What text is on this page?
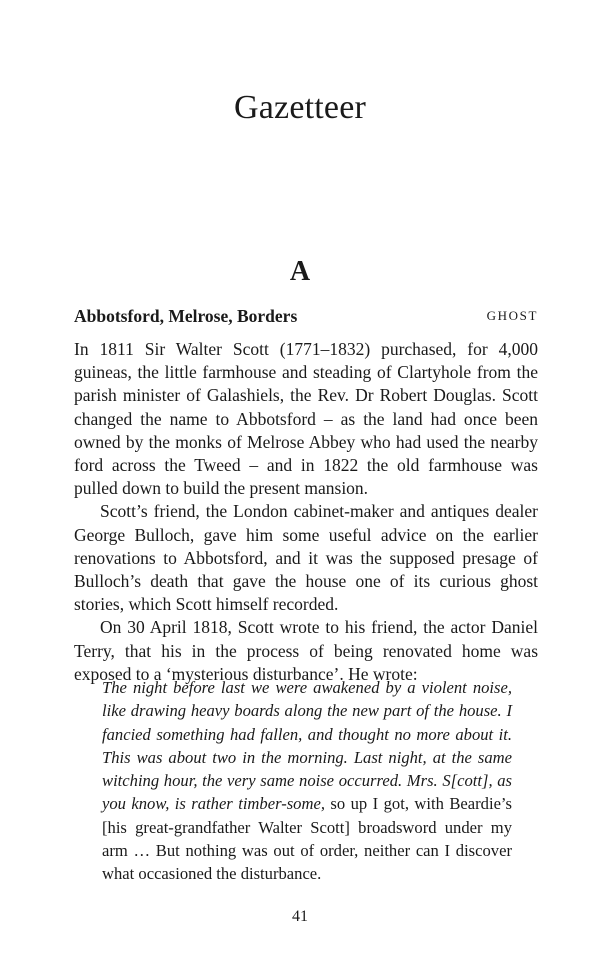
Gazetteer
A
Abbotsford, Melrose, Borders	GHOST

In 1811 Sir Walter Scott (1771–1832) purchased, for 4,000 guineas, the little farmhouse and steading of Clartyhole from the parish minister of Galashiels, the Rev. Dr Robert Douglas. Scott changed the name to Abbotsford – as the land had once been owned by the monks of Melrose Abbey who had used the nearby ford across the Tweed – and in 1822 the old farmhouse was pulled down to build the present mansion.

Scott’s friend, the London cabinet-maker and antiques dealer George Bulloch, gave him some useful advice on the earlier renovations to Abbotsford, and it was the supposed presage of Bulloch’s death that gave the house one of its curious ghost stories, which Scott himself recorded.

On 30 April 1818, Scott wrote to his friend, the actor Daniel Terry, that his in the process of being renovated home was exposed to a ‘mysterious disturbance’. He wrote:

The night before last we were awakened by a violent noise, like drawing heavy boards along the new part of the house. I fancied something had fallen, and thought no more about it. This was about two in the morning. Last night, at the same witching hour, the very same noise occurred. Mrs. S[cott], as you know, is rather timber-some, so up I got, with Beardie’s [his great-grandfather Walter Scott] broadsword under my arm … But nothing was out of order, neither can I discover what occasioned the disturbance.
41
